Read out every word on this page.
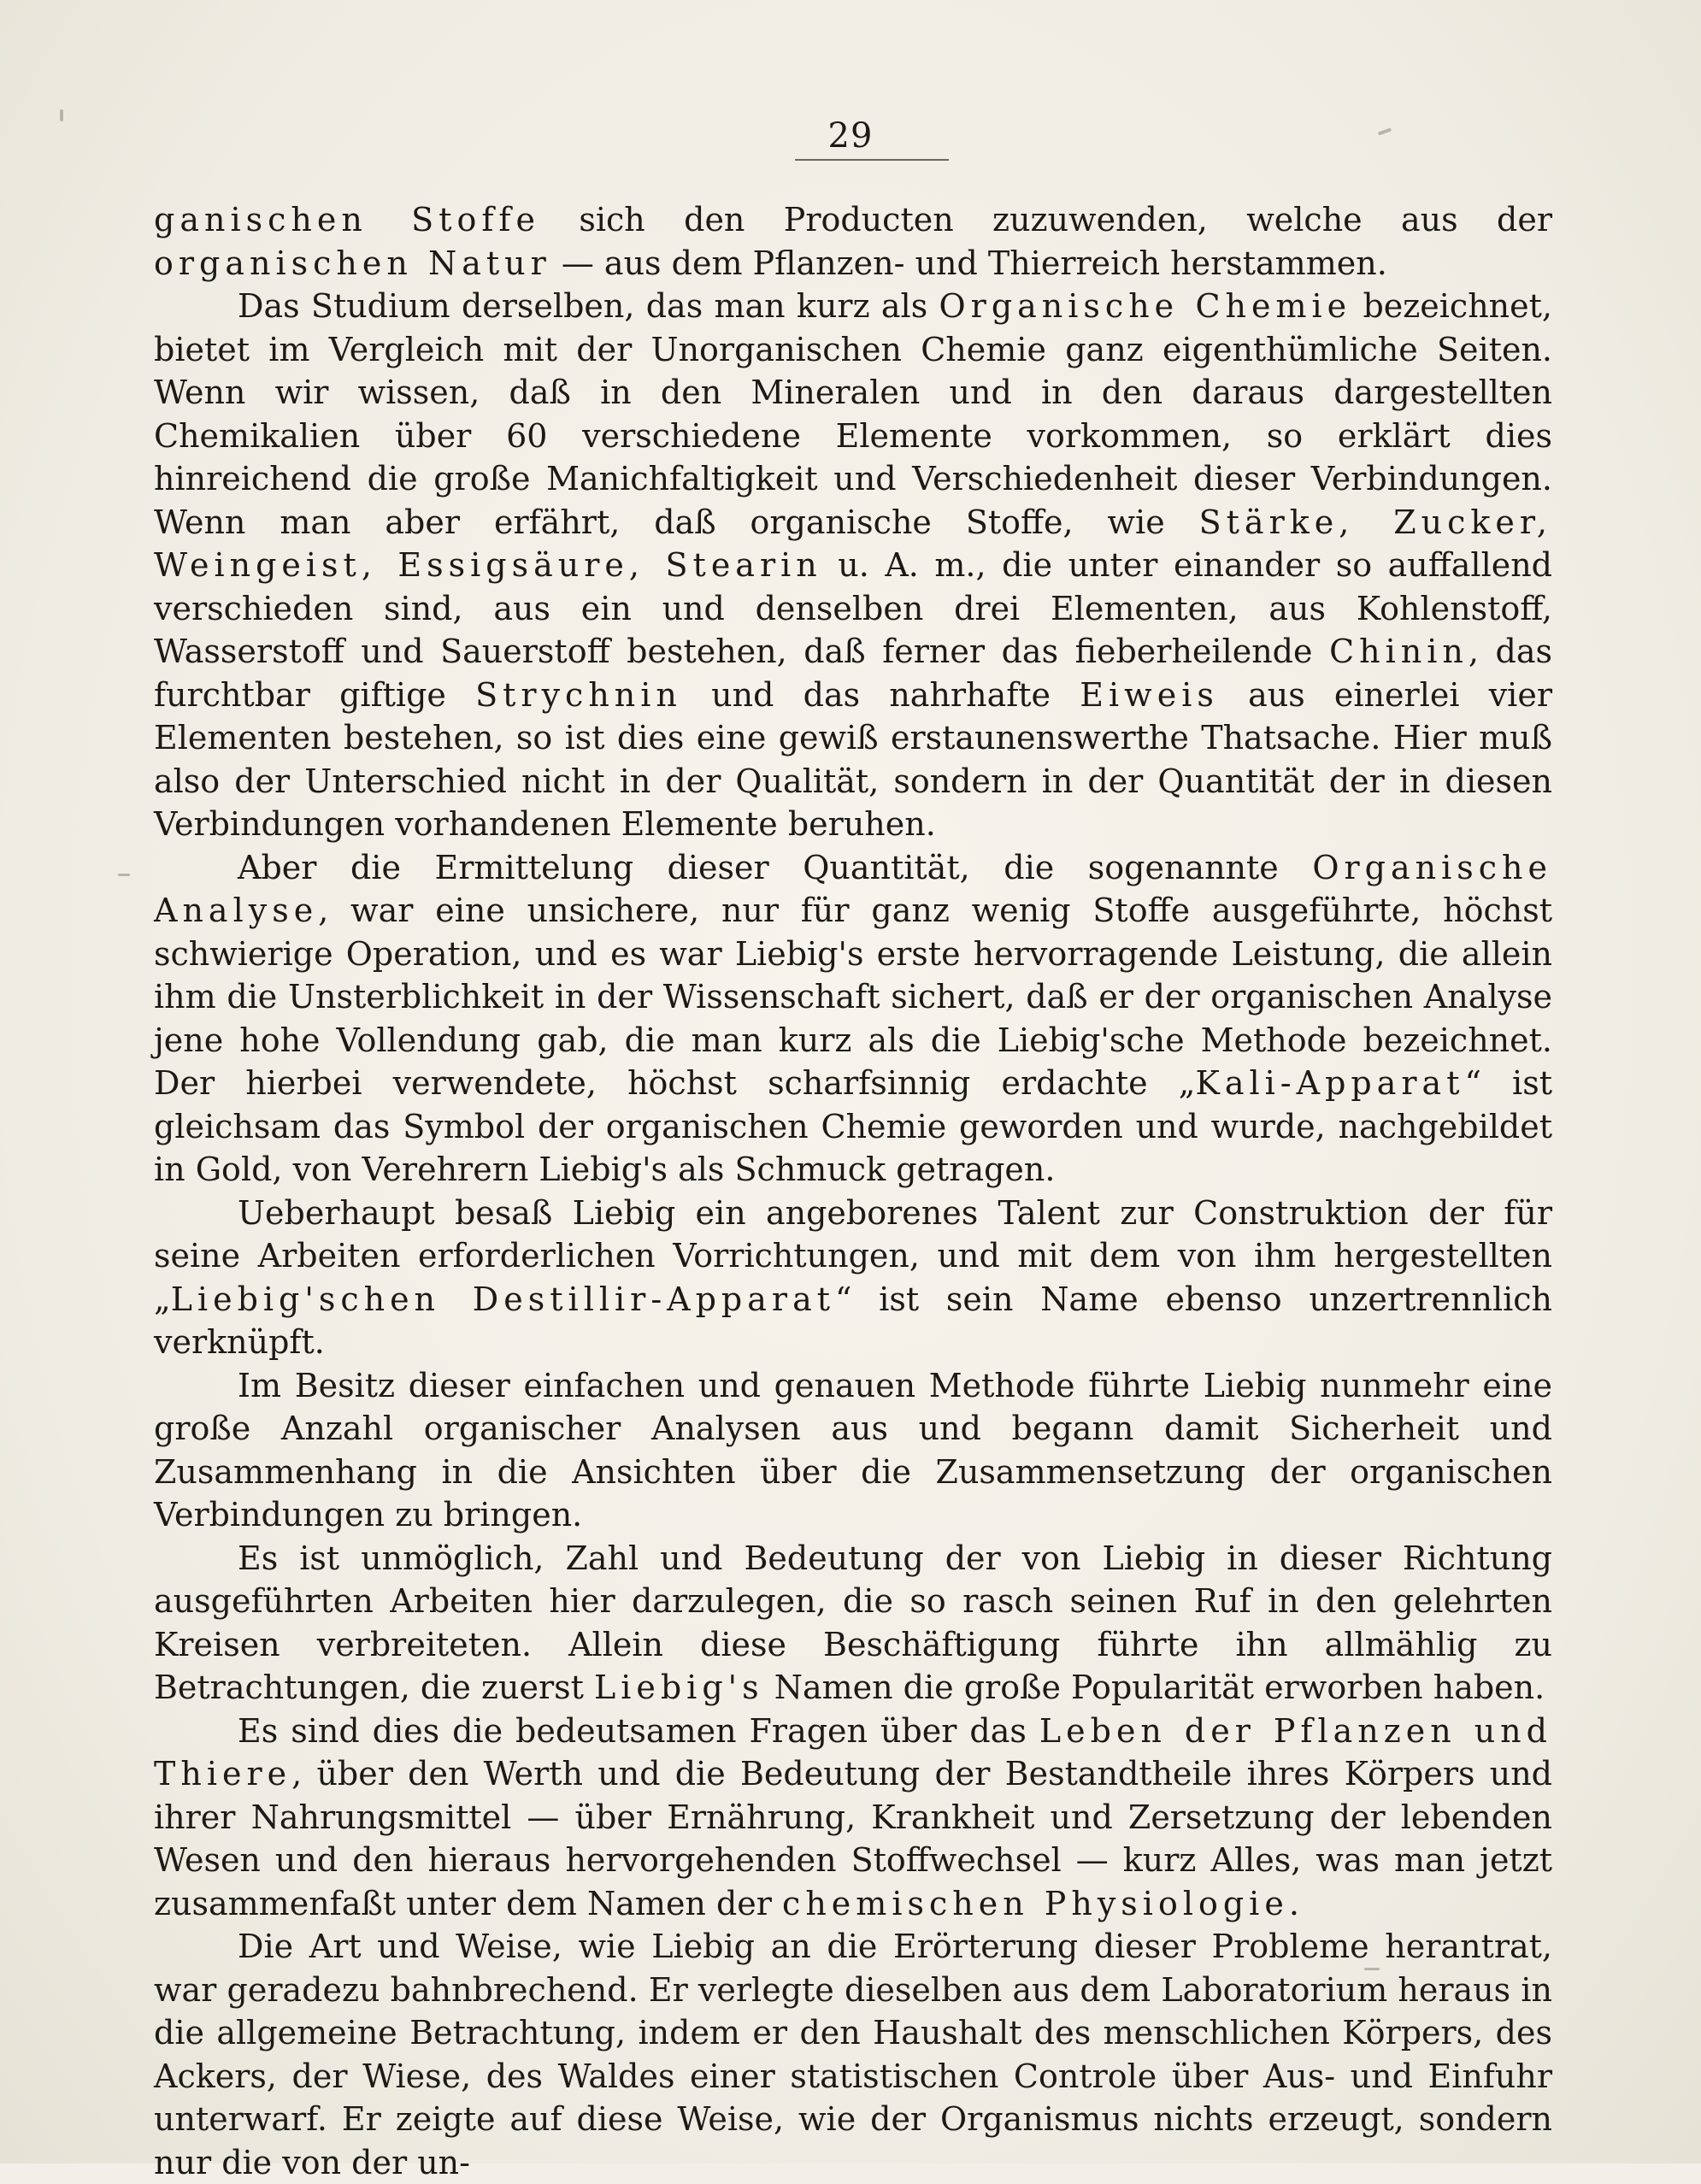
29

ganischen Stoffe sich den Producten zuzuwenden, welche aus der organischen Natur — aus dem Pflanzen- und Thierreich herstammen.

Das Studium derselben, das man kurz als Organische Chemie bezeichnet, bietet im Vergleich mit der Unorganischen Chemie ganz eigenthümliche Seiten. Wenn wir wissen, daß in den Mineralen und in den daraus dargestellten Chemikalien über 60 verschiedene Elemente vorkommen, so erklärt dies hinreichend die große Manichfaltigkeit und Verschiedenheit dieser Verbindungen. Wenn man aber erfährt, daß organische Stoffe, wie Stärke, Zucker, Weingeist, Essigsäure, Stearin u. A. m., die unter einander so auffallend verschieden sind, aus ein und denselben drei Elementen, aus Kohlenstoff, Wasserstoff und Sauerstoff bestehen, daß ferner das fieberheilende Chinin, das furchtbar giftige Strychnin und das nahrhafte Eiweis aus einerlei vier Elementen bestehen, so ist dies eine gewiß erstaunenswerthe Thatsache. Hier muß also der Unterschied nicht in der Qualität, sondern in der Quantität der in diesen Verbindungen vorhandenen Elemente beruhen.

Aber die Ermittelung dieser Quantität, die sogenannte Organische Analyse, war eine unsichere, nur für ganz wenig Stoffe ausgeführte, höchst schwierige Operation, und es war Liebig's erste hervorragende Leistung, die allein ihm die Unsterblichkeit in der Wissenschaft sichert, daß er der organischen Analyse jene hohe Vollendung gab, die man kurz als die Liebig'sche Methode bezeichnet. Der hierbei verwendete, höchst scharfsinnig erdachte „Kali-Apparat“ ist gleichsam das Symbol der organischen Chemie geworden und wurde, nachgebildet in Gold, von Verehrern Liebig's als Schmuck getragen.

Ueberhaupt besaß Liebig ein angeborenes Talent zur Construktion der für seine Arbeiten erforderlichen Vorrichtungen, und mit dem von ihm hergestellten „Liebig'schen Destillir-Apparat“ ist sein Name ebenso unzertrennlich verknüpft.

Im Besitz dieser einfachen und genauen Methode führte Liebig nunmehr eine große Anzahl organischer Analysen aus und begann damit Sicherheit und Zusammenhang in die Ansichten über die Zusammensetzung der organischen Verbindungen zu bringen.

Es ist unmöglich, Zahl und Bedeutung der von Liebig in dieser Richtung ausgeführten Arbeiten hier darzulegen, die so rasch seinen Ruf in den gelehrten Kreisen verbreiteten. Allein diese Beschäftigung führte ihn allmählig zu Betrachtungen, die zuerst Liebig's Namen die große Popularität erworben haben.

Es sind dies die bedeutsamen Fragen über das Leben der Pflanzen und Thiere, über den Werth und die Bedeutung der Bestandtheile ihres Körpers und ihrer Nahrungsmittel — über Ernährung, Krankheit und Zersetzung der lebenden Wesen und den hieraus hervorgehenden Stoffwechsel — kurz Alles, was man jetzt zusammenfaßt unter dem Namen der chemischen Physiologie.

Die Art und Weise, wie Liebig an die Erörterung dieser Probleme herantrat, war geradezu bahnbrechend. Er verlegte dieselben aus dem Laboratorium heraus in die allgemeine Betrachtung, indem er den Haushalt des menschlichen Körpers, des Ackers, der Wiese, des Waldes einer statistischen Controle über Aus- und Einfuhr unterwarf. Er zeigte auf diese Weise, wie der Organismus nichts erzeugt, sondern nur die von der un-
